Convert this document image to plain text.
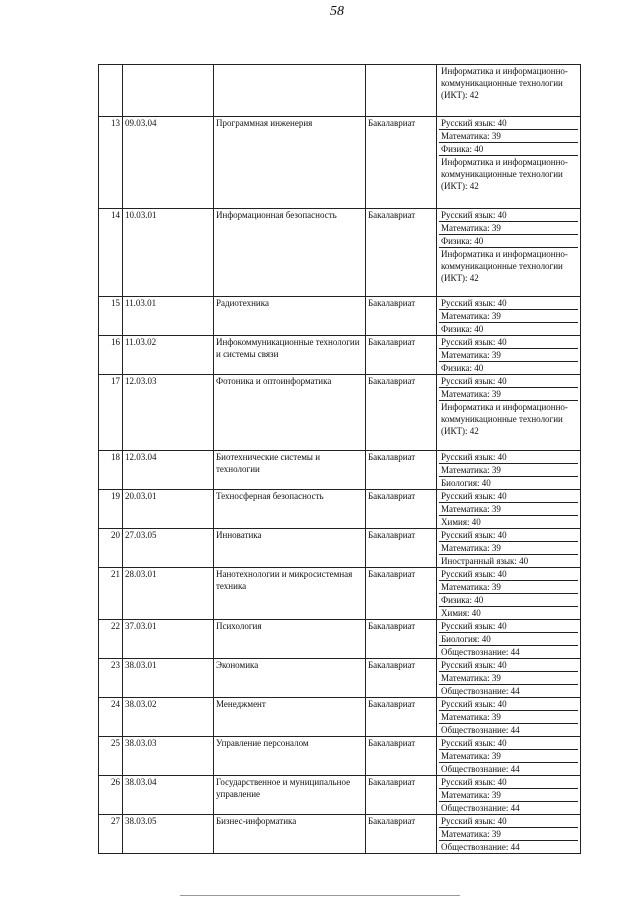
58

				Информатика и информационно-коммуникационные технологии (ИКТ): 42

13	09.03.04	Программная инженерия	Бакалавриат	Русский язык: 40
Математика: 39
Физика: 40
Информатика и информационно-коммуникационные технологии (ИКТ): 42

14	10.03.01	Информационная безопасность	Бакалавриат	Русский язык: 40
Математика: 39
Физика: 40
Информатика и информационно-коммуникационные технологии (ИКТ): 42

15	11.03.01	Радиотехника	Бакалавриат	Русский язык: 40
Математика: 39
Физика: 40

16	11.03.02	Инфокоммуникационные технологии и системы связи	Бакалавриат	Русский язык: 40
Математика: 39
Физика: 40

17	12.03.03	Фотоника и оптоинформатика	Бакалавриат	Русский язык: 40
Математика: 39
Информатика и информационно-коммуникационные технологии (ИКТ): 42

18	12.03.04	Биотехнические системы и технологии	Бакалавриат	Русский язык: 40
Математика: 39
Биология: 40

19	20.03.01	Техносферная безопасность	Бакалавриат	Русский язык: 40
Математика: 39
Химия: 40

20	27.03.05	Инноватика	Бакалавриат	Русский язык: 40
Математика: 39
Иностранный язык: 40

21	28.03.01	Нанотехнологии и микросистемная техника	Бакалавриат	Русский язык: 40
Математика: 39
Физика: 40
Химия: 40

22	37.03.01	Психология	Бакалавриат	Русский язык: 40
Биология: 40
Обществознание: 44

23	38.03.01	Экономика	Бакалавриат	Русский язык: 40
Математика: 39
Обществознание: 44

24	38.03.02	Менеджмент	Бакалавриат	Русский язык: 40
Математика: 39
Обществознание: 44

25	38.03.03	Управление персоналом	Бакалавриат	Русский язык: 40
Математика: 39
Обществознание: 44

26	38.03.04	Государственное и муниципальное управление	Бакалавриат	Русский язык: 40
Математика: 39
Обществознание: 44

27	38.03.05	Бизнес-информатика	Бакалавриат	Русский язык: 40
Математика: 39
Обществознание: 44
